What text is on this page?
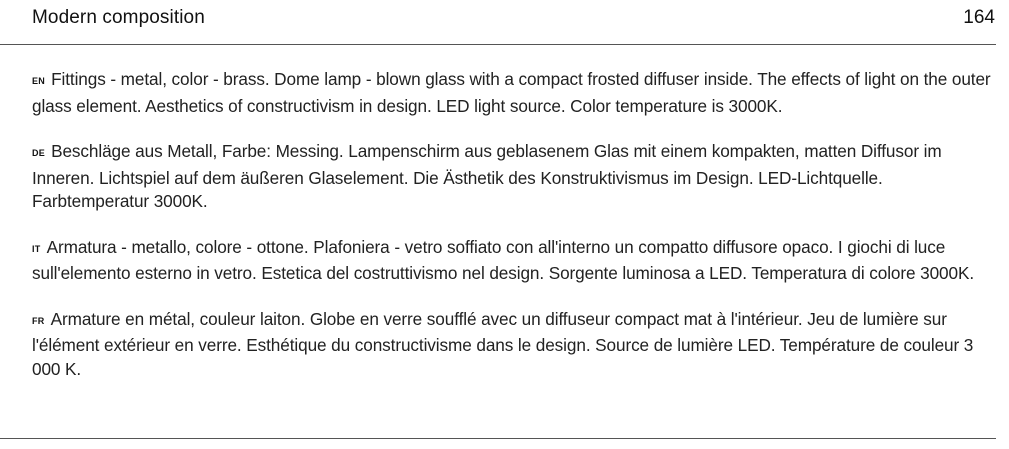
Modern composition	164

EN Fittings - metal, color - brass. Dome lamp - blown glass with a compact frosted diffuser inside. The effects of light on the outer glass element. Aesthetics of constructivism in design. LED light source. Color temperature is 3000K.

DE Beschläge aus Metall, Farbe: Messing. Lampenschirm aus geblasenem Glas mit einem kompakten, matten Diffusor im Inneren. Lichtspiel auf dem äußeren Glaselement. Die Ästhetik des Konstruktivismus im Design. LED-Lichtquelle. Farbtemperatur 3000K.

IT Armatura - metallo, colore - ottone. Plafoniera - vetro soffiato con all'interno un compatto diffusore opaco. I giochi di luce sull'elemento esterno in vetro. Estetica del costruttivismo nel design. Sorgente luminosa a LED. Temperatura di colore 3000K.

FR Armature en métal, couleur laiton. Globe en verre soufflé avec un diffuseur compact mat à l'intérieur. Jeu de lumière sur l'élément extérieur en verre. Esthétique du constructivisme dans le design. Source de lumière LED. Température de couleur 3 000 K.
